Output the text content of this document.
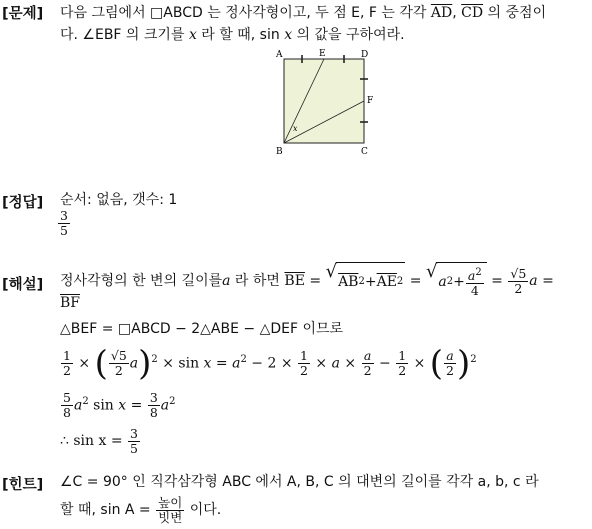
[문제] 다음 그림에서 □ABCD 는 정사각형이고, 두 점 E, F 는 각각 $\overline{AD}$, $\overline{CD}$ 의 중점이
다. ∠EBF 의 크기를 x 라 할 때, sin x 의 값을 구하여라.
A	E	D
F
B	C
x
[정답] 순서: 없음, 갯수: 1
$\frac{3}{5}$
[해설] 정사각형의 한 변의 길이를a 라 하면 $\overline{BE}$ = √ AB $2 + \overline{AE}$ 2 = √ a $2 + \frac{a^2}{4} = \frac{√5}{2}$ a =
$\overline{BF}$
△BEF = □ABCD − 2△ABE − △DEF 이므로
$\frac{1}{2}$ × ( $\frac{√5}{2} a)^2 \times \sin x = a^2 - 2 \times \frac{1}{2} \times a \times \frac{a}{2} - \frac{1}{2}$ × ( $\frac{a}{2} )^2$
$\frac{5}{8} a^2$ $\sin x = \frac{3}{8} a^2$
∴ $\sin x = \frac{3}{5}$
[힌트] ∠C = 90° 인 직각삼각형 ABC 에서 A, B, C 의 대변의 길이를 각각 a, b, c 라
할 때, $\sin A = \frac{\text{높이}}{\text{빗변}}$ 이다.
